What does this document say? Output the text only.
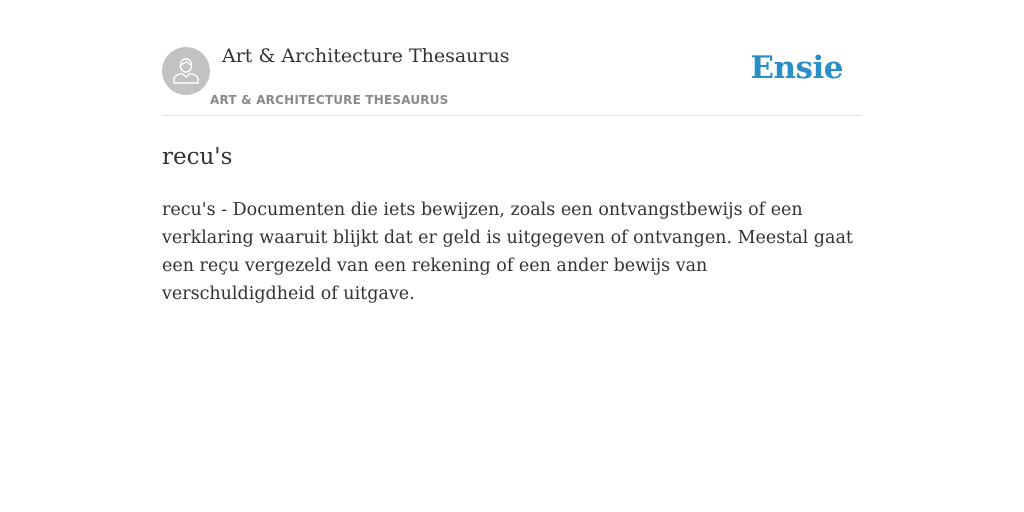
Art & Architecture Thesaurus
ART & ARCHITECTURE THESAURUS
Ensie
recu's

recu's - Documenten die iets bewijzen, zoals een ontvangstbewijs of een verklaring waaruit blijkt dat er geld is uitgegeven of ontvangen. Meestal gaat een reçu vergezeld van een rekening of een ander bewijs van verschuldigdheid of uitgave.
